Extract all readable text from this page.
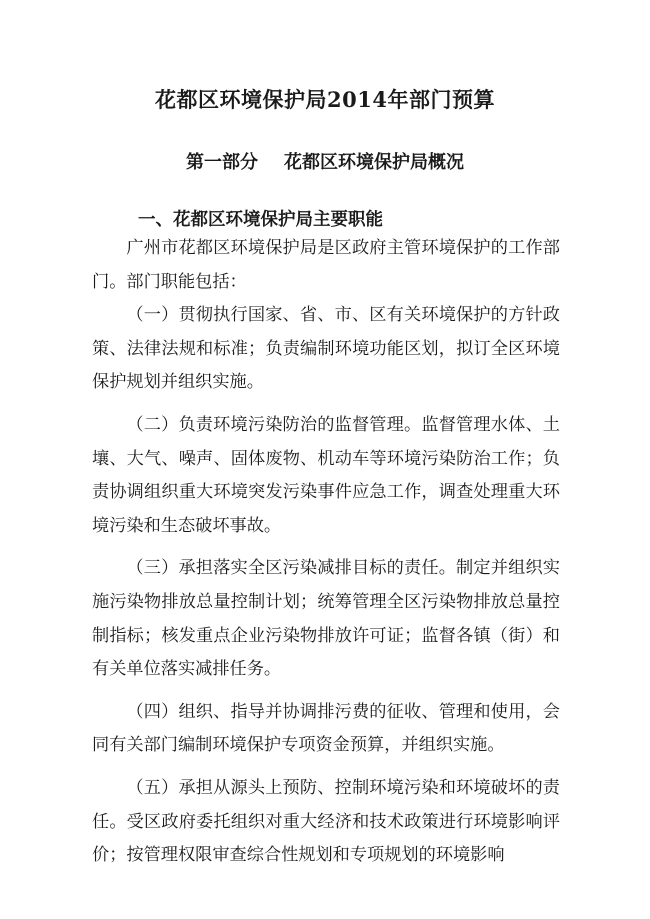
花都区环境保护局2014年部门预算
第一部分 花都区环境保护局概况
一、花都区环境保护局主要职能

广州市花都区环境保护局是区政府主管环境保护的工作部门。部门职能包括：

（一）贯彻执行国家、省、市、区有关环境保护的方针政策、法律法规和标准；负责编制环境功能区划，拟订全区环境保护规划并组织实施。

（二）负责环境污染防治的监督管理。监督管理水体、土壤、大气、噪声、固体废物、机动车等环境污染防治工作；负责协调组织重大环境突发污染事件应急工作，调查处理重大环境污染和生态破坏事故。

（三）承担落实全区污染减排目标的责任。制定并组织实施污染物排放总量控制计划；统筹管理全区污染物排放总量控制指标；核发重点企业污染物排放许可证；监督各镇（街）和有关单位落实减排任务。

（四）组织、指导并协调排污费的征收、管理和使用，会同有关部门编制环境保护专项资金预算，并组织实施。

（五）承担从源头上预防、控制环境污染和环境破坏的责任。受区政府委托组织对重大经济和技术政策进行环境影响评价；按管理权限审查综合性规划和专项规划的环境影响
